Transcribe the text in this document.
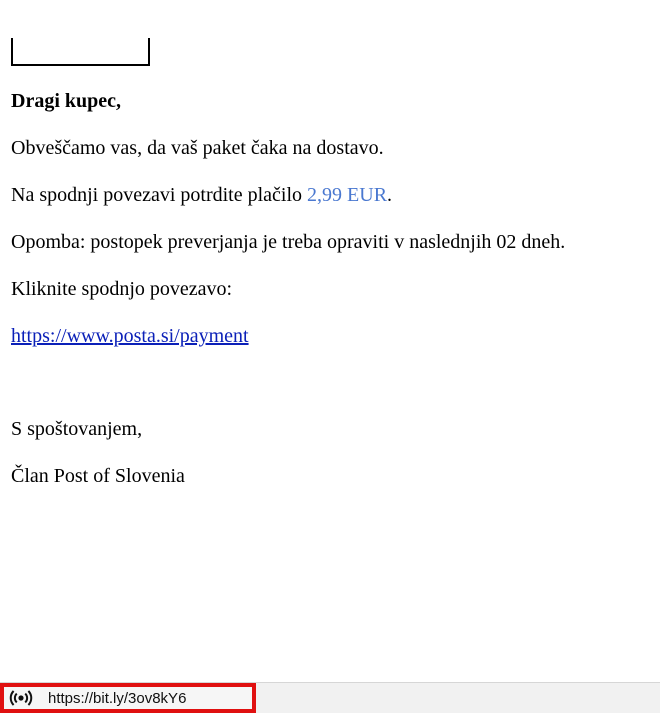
Dragi kupec,

Obveščamo vas, da vaš paket čaka na dostavo.

Na spodnji povezavi potrdite plačilo 2,99 EUR.

Opomba: postopek preverjanja je treba opraviti v naslednjih 02 dneh.

Kliknite spodnjo povezavo:

https://www.posta.si/payment

S spoštovanjem,

Član Post of Slovenia

https://bit.ly/3ov8kY6
